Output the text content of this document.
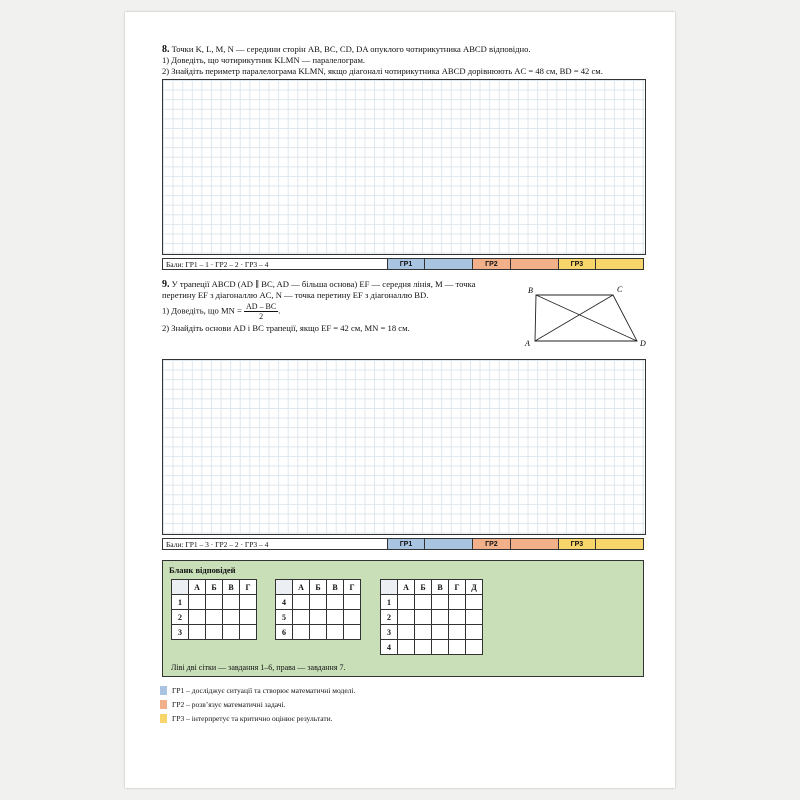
8. Точки K, L, M, N — середини сторін AB, BC, CD, DA опуклого чотирикутника ABCD відповідно.
1) Доведіть, що чотирикутник KLMN — паралелограм.
2) Знайдіть периметр паралелограма KLMN, якщо діагоналі чотирикутника ABCD дорівнюють AC = 48 см, BD = 42 см.
Бали: ГР1 – 1 · ГР2 – 2 · ГР3 – 4	ГР1	ГР2	ГР3
9. У трапеції ABCD (AD ∥ BC, AD — більша основа) EF — середня лінія, M — точка
перетину EF з діагоналлю AC, N — точка перетину EF з діагоналлю BD.
1) Доведіть, що MN = $\frac{AD - BC}{2}$ .
2) Знайдіть основи AD і BC трапеції, якщо EF = 42 см, MN = 18 см.
B	C
A	D
Бали: ГР1 – 3 · ГР2 – 2 · ГР3 – 4	ГР1	ГР2	ГР3
Бланк відповідей
	А	Б	В	Г
1				
2				
3				
	А	Б	В	Г
4				
5				
6				
	А	Б	В	Г	Д
1					
2					
3					
4					
Ліві дві сітки — завдання 1–6, права — завдання 7.
ГР1 – досліджує ситуації та створює математичні моделі.
ГР2 – розв’язує математичні задачі.
ГР3 – інтерпретує та критично оцінює результати.
